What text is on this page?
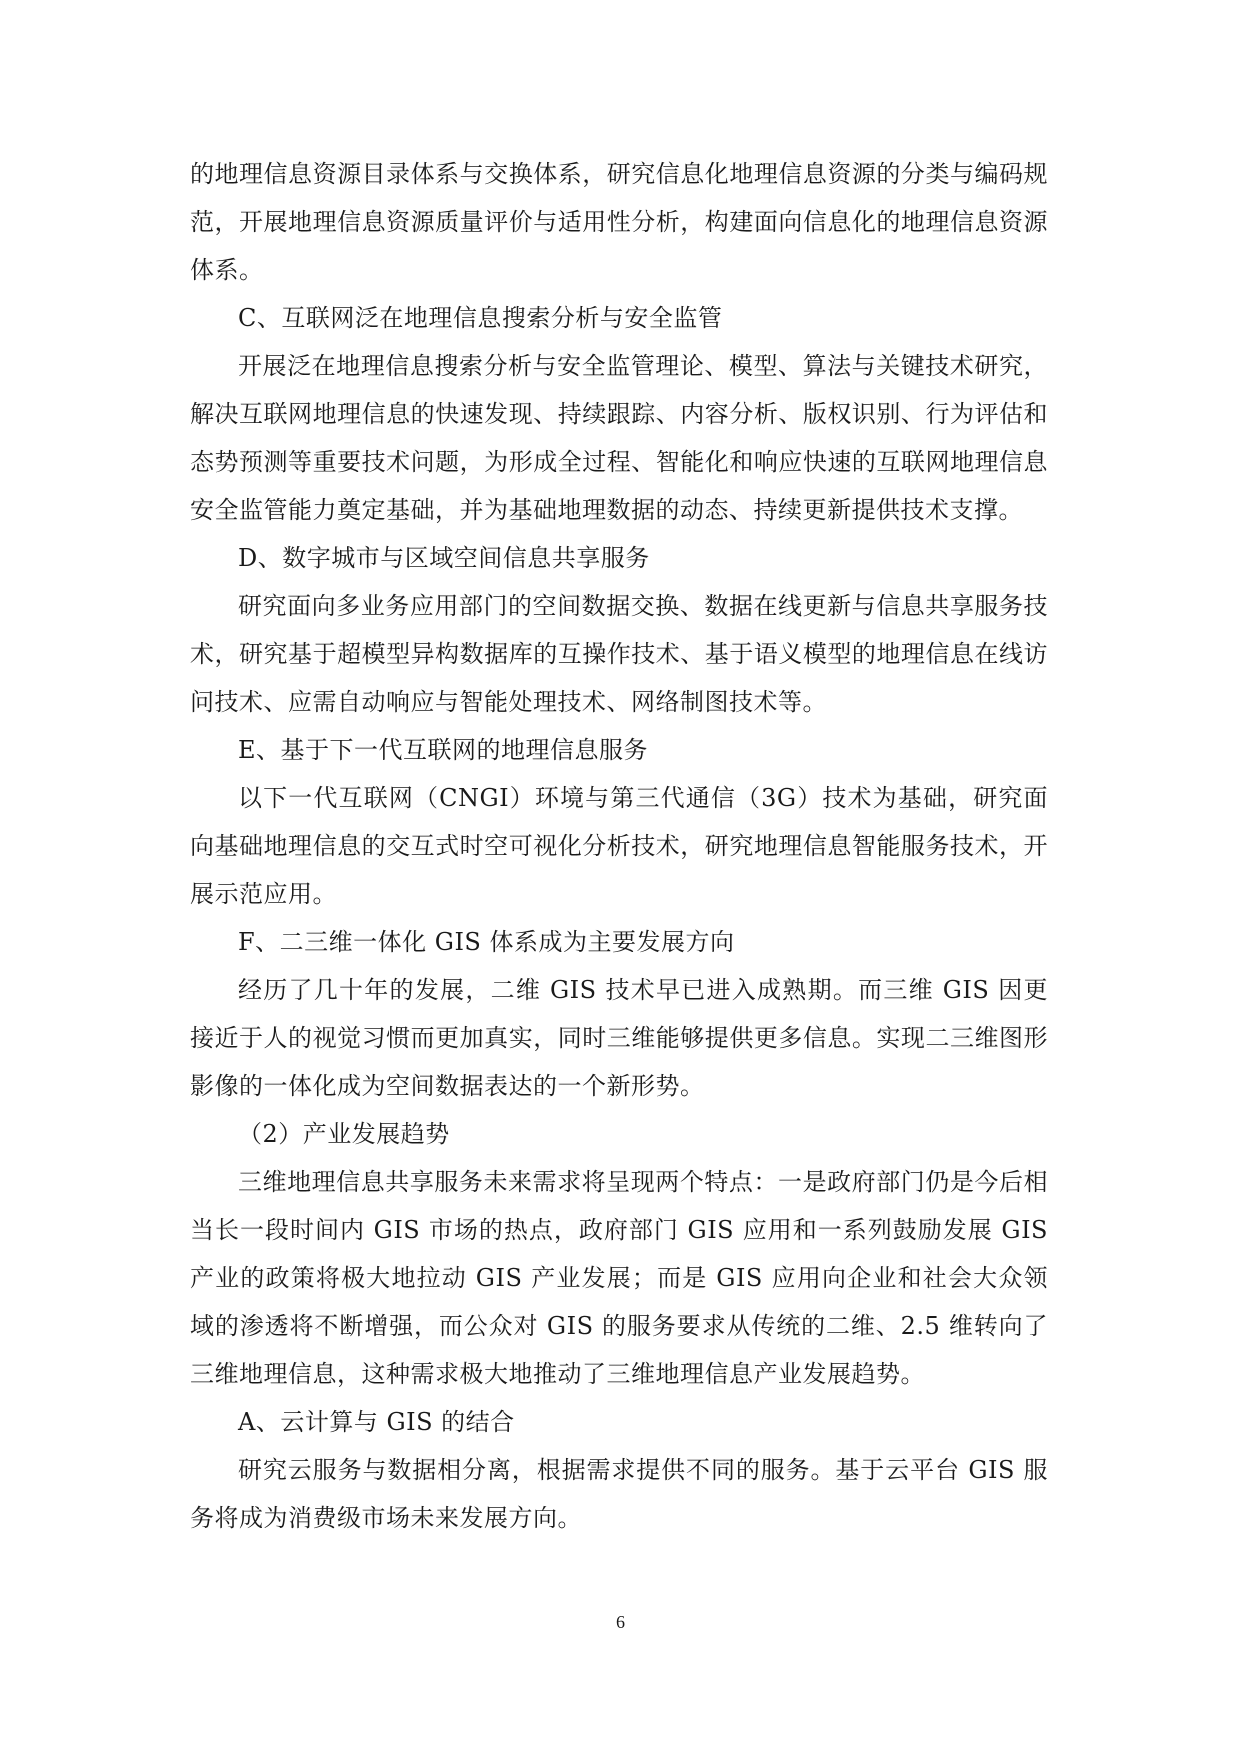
的地理信息资源目录体系与交换体系，研究信息化地理信息资源的分类与编码规范，开展地理信息资源质量评价与适用性分析，构建面向信息化的地理信息资源体系。

C、互联网泛在地理信息搜索分析与安全监管

开展泛在地理信息搜索分析与安全监管理论、模型、算法与关键技术研究，解决互联网地理信息的快速发现、持续跟踪、内容分析、版权识别、行为评估和态势预测等重要技术问题，为形成全过程、智能化和响应快速的互联网地理信息安全监管能力奠定基础，并为基础地理数据的动态、持续更新提供技术支撑。

D、数字城市与区域空间信息共享服务

研究面向多业务应用部门的空间数据交换、数据在线更新与信息共享服务技术，研究基于超模型异构数据库的互操作技术、基于语义模型的地理信息在线访问技术、应需自动响应与智能处理技术、网络制图技术等。

E、基于下一代互联网的地理信息服务

以下一代互联网（CNGI）环境与第三代通信（3G）技术为基础，研究面向基础地理信息的交互式时空可视化分析技术，研究地理信息智能服务技术，开展示范应用。

F、二三维一体化 GIS 体系成为主要发展方向

经历了几十年的发展，二维 GIS 技术早已进入成熟期。而三维 GIS 因更接近于人的视觉习惯而更加真实，同时三维能够提供更多信息。实现二三维图形影像的一体化成为空间数据表达的一个新形势。

（2）产业发展趋势

三维地理信息共享服务未来需求将呈现两个特点：一是政府部门仍是今后相当长一段时间内 GIS 市场的热点，政府部门 GIS 应用和一系列鼓励发展 GIS 产业的政策将极大地拉动 GIS 产业发展；而是 GIS 应用向企业和社会大众领域的渗透将不断增强，而公众对 GIS 的服务要求从传统的二维、2.5 维转向了三维地理信息，这种需求极大地推动了三维地理信息产业发展趋势。

A、云计算与 GIS 的结合

研究云服务与数据相分离，根据需求提供不同的服务。基于云平台 GIS 服务将成为消费级市场未来发展方向。

6
